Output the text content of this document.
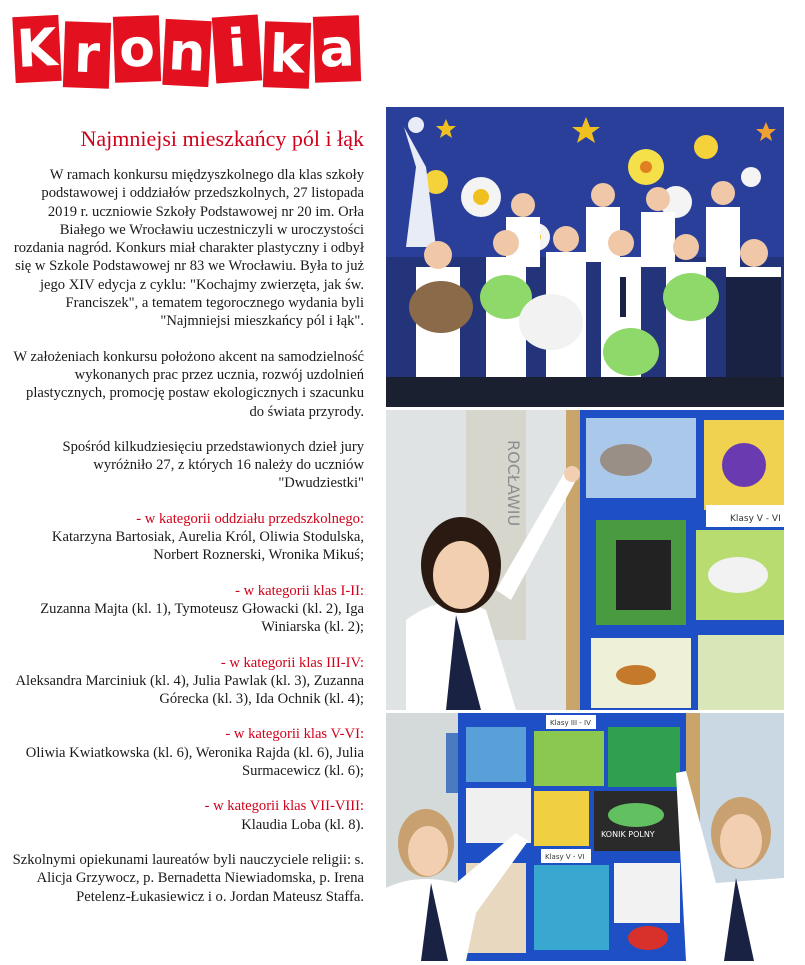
K r o n i k a
Najmniejsi mieszkańcy pól i łąk

W ramach konkursu międzyszkolnego dla klas szkoły podstawowej i oddziałów przedszkolnych, 27 listopada 2019 r. uczniowie Szkoły Podstawowej nr 20 im. Orła Białego we Wrocławiu uczestniczyli w uroczystości rozdania nagród. Konkurs miał charakter plastyczny i odbył się w Szkole Podstawowej nr 83 we Wrocławiu. Była to już jego XIV edycja z cyklu: "Kochajmy zwierzęta, jak św. Franciszek", a tematem tegorocznego wydania byli "Najmniejsi mieszkańcy pól i łąk".

W założeniach konkursu położono akcent na samodzielność wykonanych prac przez ucznia, rozwój uzdolnień plastycznych, promocję postaw ekologicznych i szacunku do świata przyrody.

Spośród kilkudziesięciu przedstawionych dzieł jury wyróżniło 27, z których 16 należy do uczniów "Dwudziestki"

- w kategorii oddziału przedszkolnego:
Katarzyna Bartosiak, Aurelia Król, Oliwia Stodulska, Norbert Roznerski, Wronika Mikuś;
- w kategorii klas I-II:
Zuzanna Majta (kl. 1), Tymoteusz Głowacki (kl. 2), Iga Winiarska (kl. 2);
- w kategorii klas III-IV:
Aleksandra Marciniuk (kl. 4), Julia Pawlak (kl. 3), Zuzanna Górecka (kl. 3), Ida Ochnik (kl. 4);
- w kategorii klas V-VI:
Oliwia Kwiatkowska (kl. 6), Weronika Rajda (kl. 6), Julia Surmacewicz (kl. 6);
- w kategorii klas VII-VIII:
Klaudia Loba (kl. 8).

Szkolnymi opiekunami laureatów byli nauczyciele religii: s. Alicja Grzywocz, p. Bernadetta Niewiadomska, p. Irena Petelenz-Łukasiewicz i o. Jordan Mateusz Staffa.

ROCŁAWIU	Klasy V - VI
Klasy III - IV
KONIK POLNY
Klasy V - VI
